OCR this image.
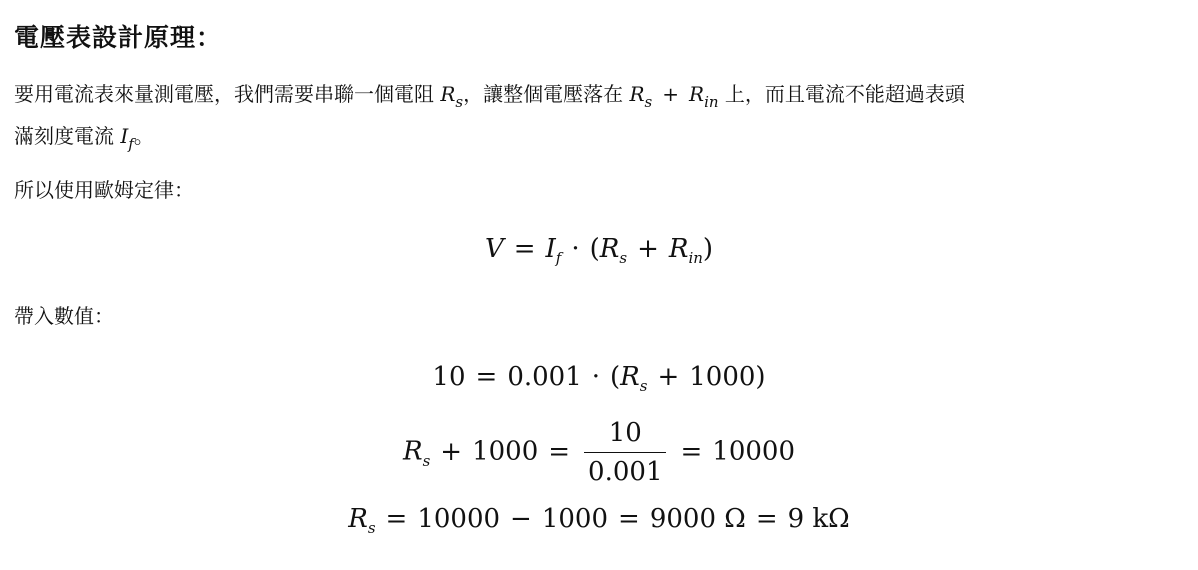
電壓表設計原理：
要用電流表來量測電壓，我們需要串聯一個電阻 $R_s$，讓整個電壓落在 $R_s + R_{in}$ 上，而且電流不能超過表頭
滿刻度電流 $I_f$。
所以使用歐姆定律：
$V = I_f \cdot (R_s + R_{in})$
帶入數值：
$10 = 0.001 \cdot (R_s + 1000)$
$R_s + 1000 = \frac{10}{0.001} = 10000$
$R_s = 10000 - 1000 = 9000$ Ω = 9 kΩ
